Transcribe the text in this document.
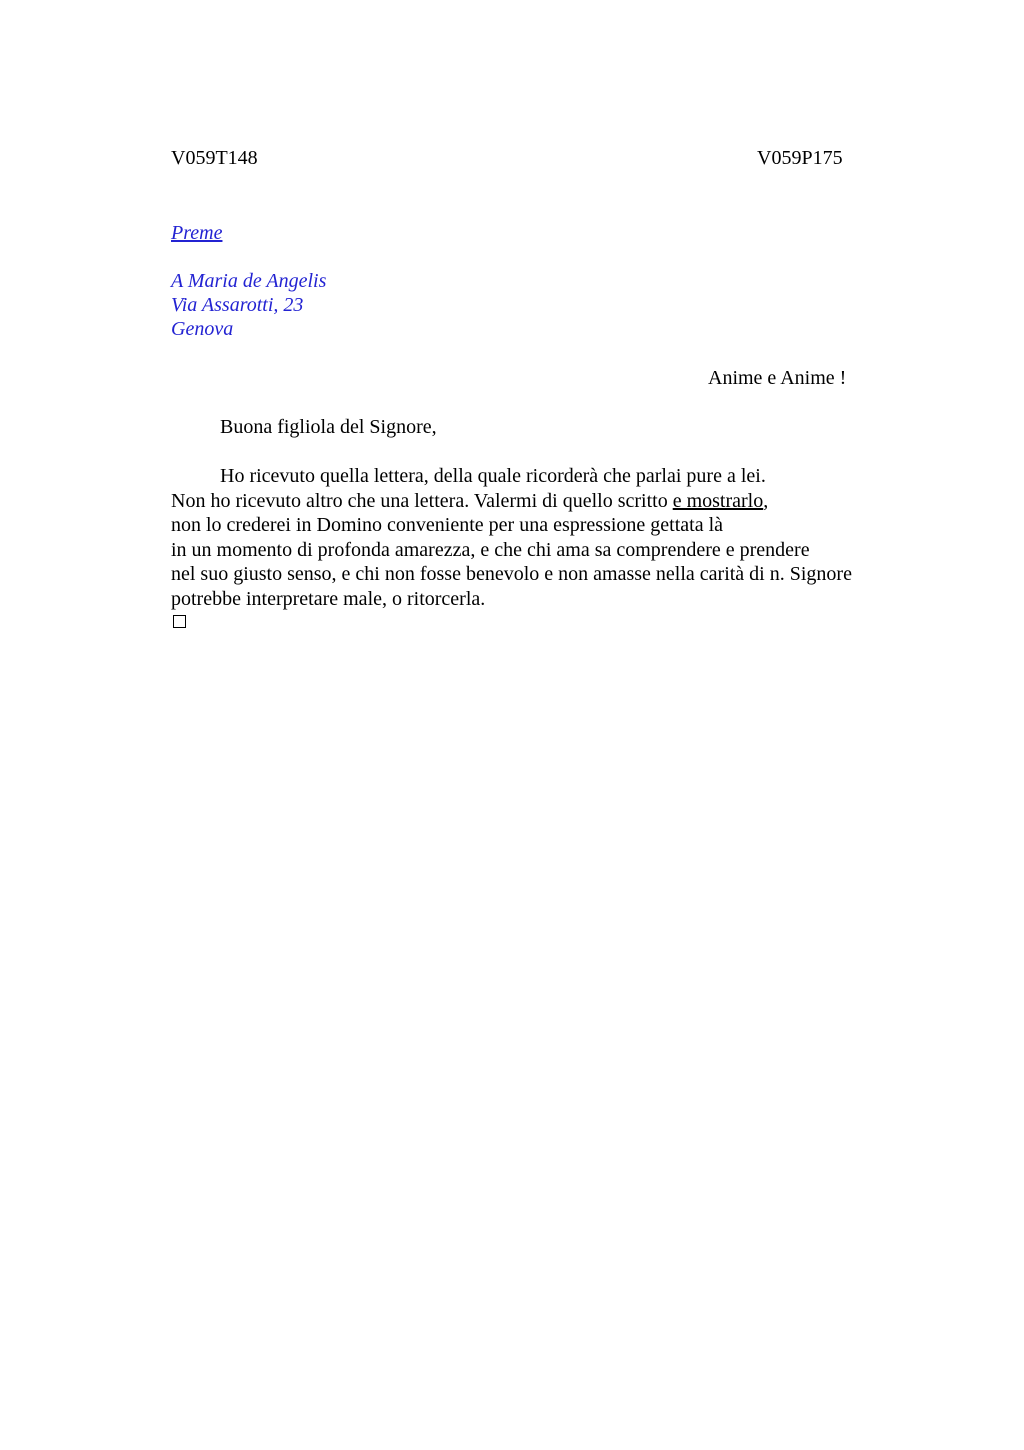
V059T148	V059P175
Preme
A Maria de Angelis
Via Assarotti, 23
Genova
Anime e Anime !
Buona figliola del Signore,
Ho ricevuto quella lettera, della quale ricorderà che parlai pure a lei.
Non ho ricevuto altro che una lettera. Valermi di quello scritto e mostrarlo,
non lo crederei in Domino conveniente per una espressione gettata là
in un momento di profonda amarezza, e che chi ama sa comprendere e prendere
nel suo giusto senso, e chi non fosse benevolo e non amasse nella carità di n. Signore
potrebbe interpretare male, o ritorcerla.
